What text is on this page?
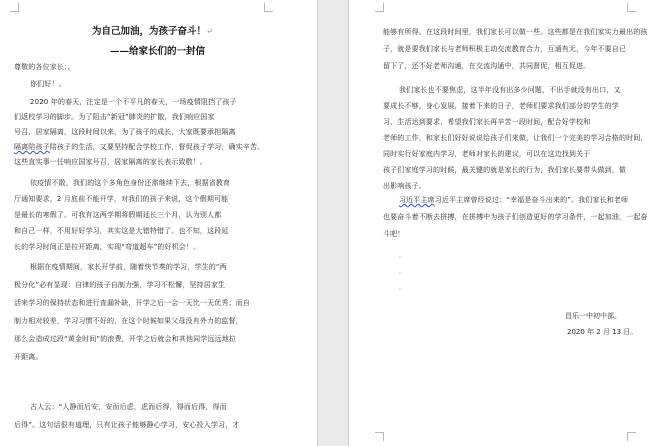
为自己加油，为孩子奋斗！↵
——给家长们的一封信
尊敬的各位家长：。
你们好！。
2020 年的春天，注定是一个不平凡的春天，一场疫情阻挡了孩子
们返校学习的脚步。为了阻击“新冠”肺炎的扩散，我们响应国家
号召，居家隔离，这段时间以来，为了孩子的成长，大家既要承担隔离
隔离陪孩子陪孩子的生活，又要坚持配合学校工作，督促孩子学习，确实辛苦。
这些直实事一任响应国家号召，居家隔离的家长表示致敬！。
依疫情不散，我们的这个多角色身份还需继续下去，根据省教育
厅通知要求，2 月底前不能开学，对我们的孩子来说，这个假期可能
是最长的寒假了。可我有这两学期将假期延长三个月，认为别人都
和自己一样，不用好好学习，其实这是大错特错了。也不知，这段延
长的学习时间正是拉开距离，实现“弯道超车”的好机会！。
根据在疫情期间，家长开学前，随着快节奏的学习，学生的“两
极分化”必有显现：自律的孩子自制力强，学习不松懈，坚持居家生
活来学习的保持状态和进行查漏补缺，开学之后一会一天比一天优秀；而自
制力相对较差，学习习惯不好的，在这个时候如果父母没有外力的监督，
那么会造成过段“黄金时间”的浪费，开学之后就会和其他同学远远地拉
开距离。
古人云：“人静而后安，安而后虑，虑而后得，得而后得，得而
后得”。这句话很有道理，只有让孩子能够静心学习，安心投入学习，才
能够有所得。在这段时间里，我们家长可以做一些。这些都是在我们家实力最出的孩
子，就是要我们家长与老师积极主动交流教育合力，互通有无，今年不要自已
留下了，还不好老师沟通，在交流沟通中，共同督促，相互促进。
我们家长也不要焦虑，这半年没有出多少问题，不出手就没有出口，又
要成长不够，身心发展，接着下来的日子，老师们要求我们部分的学生的学
习，生活达到要求，希望我们家长再辛苦一段时间，配合好学校和
老师的工作，和家长们好好说说给孩子们来做，让我们一个完美的学习合格的时间，
同时实行好家庭内学习，老师对家长的建议，可以在这边找到关于
孩子们家庭学习的时候，最关键的就是家长的行为，我们家长要带头做到，做
出影响孩子。
习近平主席习近平主席曾经说过：“幸福是奋斗出来的”。我们家长和老师
也要奋斗着不断去拼搏，在拼搏中为孩子们创造更好的学习条件，一起加油，一起奋
斗吧！
。
。
。
昌乐一中初中部。
2020 年 2 月 13 日。
